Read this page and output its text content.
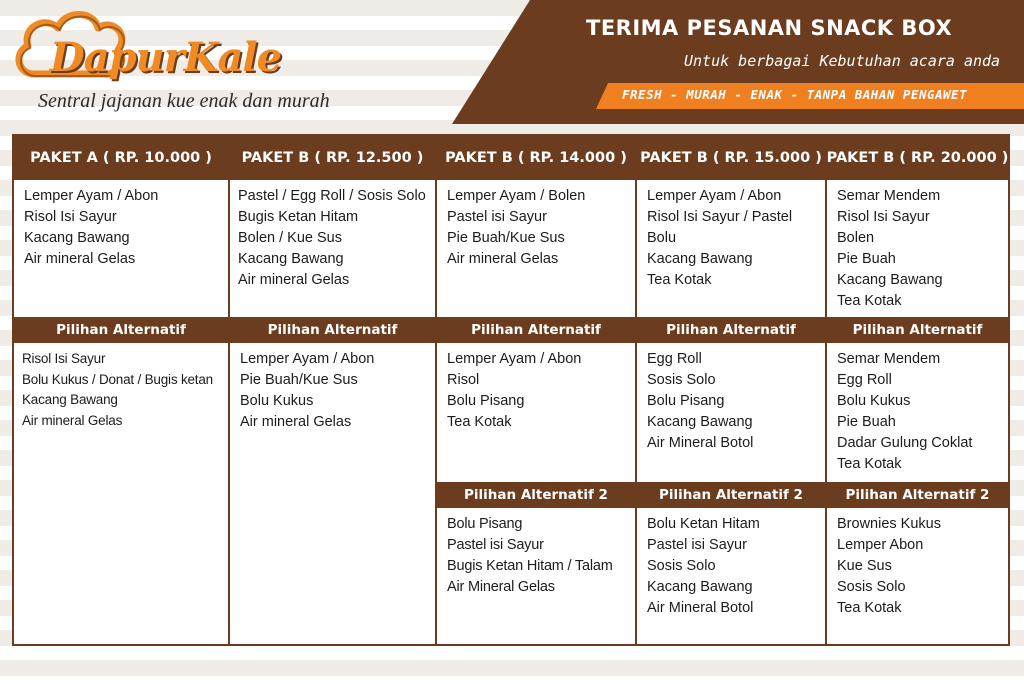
DapurKale
Sentral jajanan kue enak dan murah
TERIMA PESANAN SNACK BOX
Untuk berbagai Kebutuhan acara anda
FRESH - MURAH - ENAK - TANPA BAHAN PENGAWET
PAKET A ( RP. 10.000 )
Lemper Ayam / Abon
Risol Isi Sayur
Kacang Bawang
Air mineral Gelas
Pilihan Alternatif
Risol Isi Sayur
Bolu Kukus / Donat / Bugis ketan
Kacang Bawang
Air mineral Gelas
PAKET B ( RP. 12.500 )
Pastel / Egg Roll / Sosis Solo
Bugis Ketan Hitam
Bolen / Kue Sus
Kacang Bawang
Air mineral Gelas
Pilihan Alternatif
Lemper Ayam / Abon
Pie Buah/Kue Sus
Bolu Kukus
Air mineral Gelas
PAKET B ( RP. 14.000 )
Lemper Ayam / Bolen
Pastel isi Sayur
Pie Buah/Kue Sus
Air mineral Gelas
Pilihan Alternatif
Lemper Ayam / Abon
Risol
Bolu Pisang
Tea Kotak
Pilihan Alternatif 2
Bolu Pisang
Pastel isi Sayur
Bugis Ketan Hitam / Talam
Air Mineral Gelas
PAKET B ( RP. 15.000 )
Lemper Ayam / Abon
Risol Isi Sayur / Pastel
Bolu
Kacang Bawang
Tea Kotak
Pilihan Alternatif
Egg Roll
Sosis Solo
Bolu Pisang
Kacang Bawang
Air Mineral Botol
Pilihan Alternatif 2
Bolu Ketan Hitam
Pastel isi Sayur
Sosis Solo
Kacang Bawang
Air Mineral Botol
PAKET B ( RP. 20.000 )
Semar Mendem
Risol Isi Sayur
Bolen
Pie Buah
Kacang Bawang
Tea Kotak
Pilihan Alternatif
Semar Mendem
Egg Roll
Bolu Kukus
Pie Buah
Dadar Gulung Coklat
Tea Kotak
Pilihan Alternatif 2
Brownies Kukus
Lemper Abon
Kue Sus
Sosis Solo
Tea Kotak
